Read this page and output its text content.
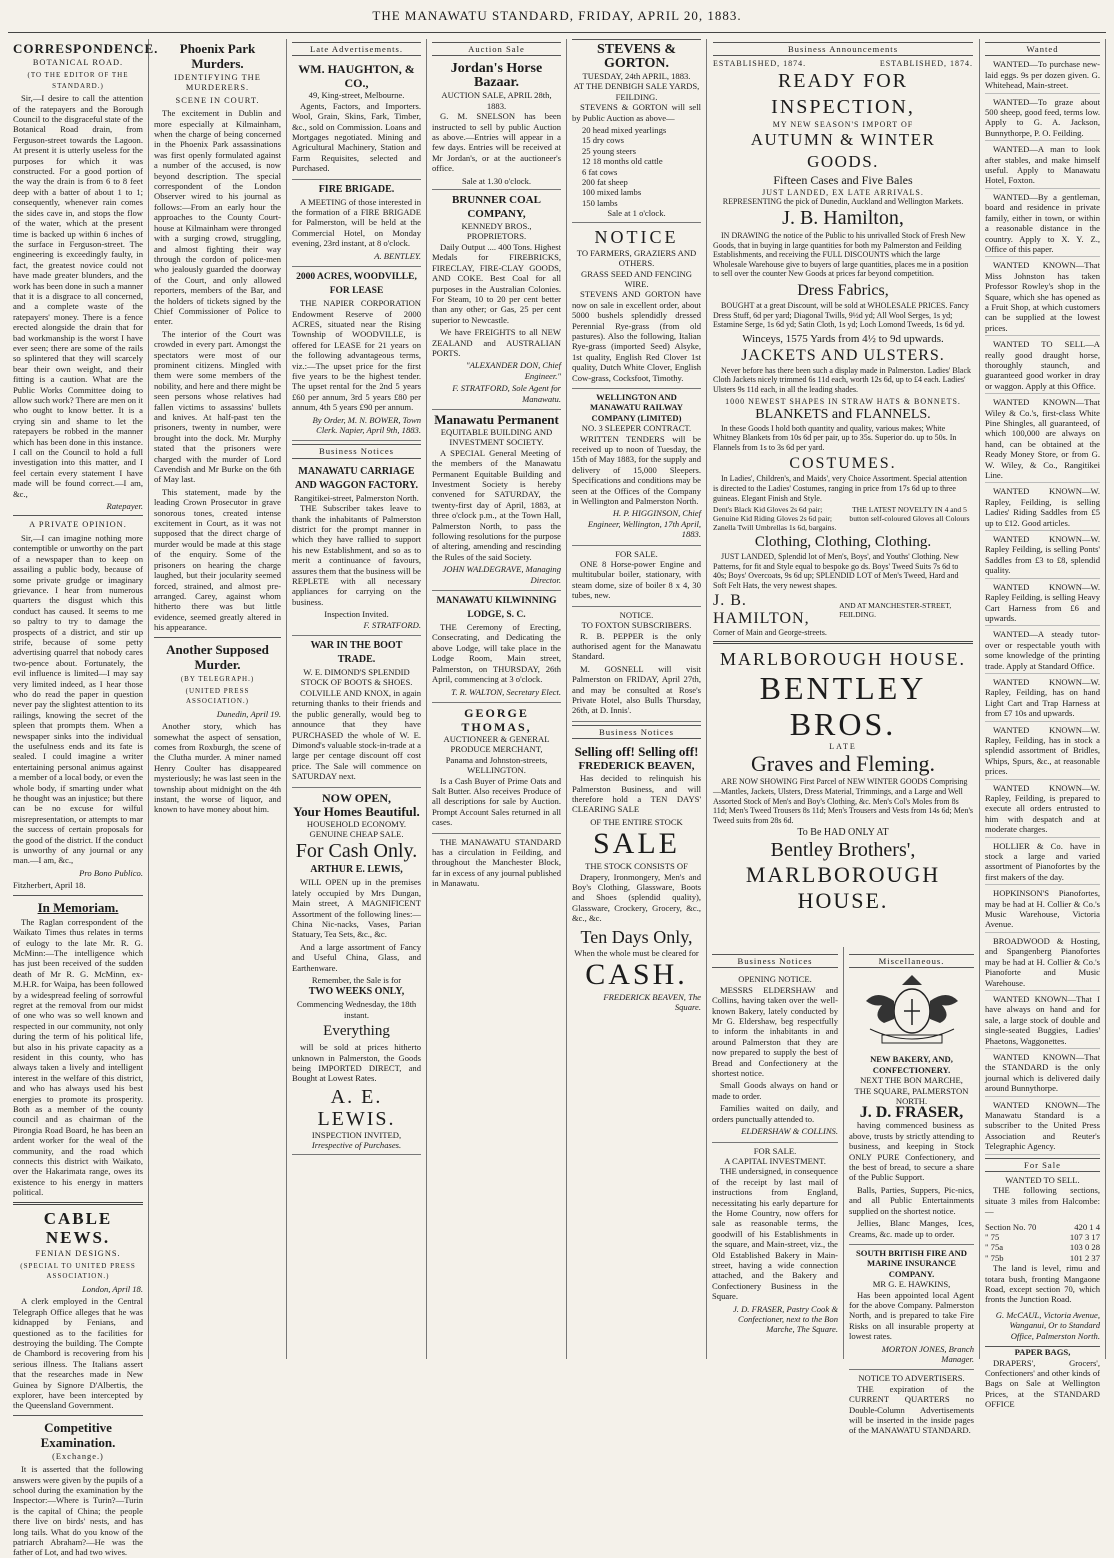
THE MANAWATU STANDARD, FRIDAY, APRIL 20, 1883.
CORRESPONDENCE.
BOTANICAL ROAD.
(TO THE EDITOR OF THE STANDARD.)

Sir,—I desire to call the attention of the ratepayers and the Borough Council to the disgraceful state of the Botanical Road drain, from Ferguson-street towards the Lagoon. At present it is utterly useless for the purposes for which it was constructed. For a good portion of the way the drain is from 6 to 8 feet deep with a batter of about 1 to 1; consequently, whenever rain comes the sides cave in, and stops the flow of the water, which at the present time is backed up within 6 inches of the surface in Ferguson-street. The engineering is exceedingly faulty, in fact, the greatest novice could not have made greater blunders, and the work has been done in such a manner that it is a disgrace to all concerned, and a complete waste of the ratepayers' money. There is a fence erected alongside the drain that for bad workmanship is the worst I have ever seen; there are some of the rails so splintered that they will scarcely bear their own weight, and their fitting is a caution. What are the Public Works Committee doing to allow such work? There are men on it who ought to know better. It is a crying sin and shame to let the ratepayers be robbed in the manner which has been done in this instance. I call on the Council to hold a full investigation into this matter, and I feel certain every statement I have made will be found correct.—I am, &c.,

Ratepayer.

A PRIVATE OPINION.

Sir,—I can imagine nothing more contemptible or unworthy on the part of a newspaper than to keep on assailing a public body, because of some private grudge or imaginary grievance. I hear from numerous quarters the disgust which this conduct has caused. It seems to me so paltry to try to damage the prospects of a district, and stir up strife, because of some petty advertising quarrel that nobody cares two-pence about. Fortunately, the evil influence is limited—I may say very limited indeed, as I hear those who do read the paper in question never pay the slightest attention to its railings, knowing the secret of the spleen that prompts them. When a newspaper sinks into the individual the usefulness ends and its fate is sealed. I could imagine a writer entertaining personal animus against a member of a local body, or even the whole body, if smarting under what he thought was an injustice; but there can be no excuse for wilful misrepresentation, or attempts to mar the success of certain proposals for the good of the district. If the conduct is unworthy of any journal or any man.—I am, &c.,

Pro Bono Publico.

Fitzherbert, April 18.

In Memoriam.

The Raglan correspondent of the Waikato Times thus relates in terms of eulogy to the late Mr. R. G. McMinn:—The intelligence which has just been received of the sudden death of Mr R. G. McMinn, ex-M.H.R. for Waipa, has been followed by a widespread feeling of sorrowful regret at the removal from our midst of one who was so well known and respected in our community, not only during the term of his political life, but also in his private capacity as a resident in this county, who has always taken a lively and intelligent interest in the welfare of this district, and who has always used his best energies to promote its prosperity. Both as a member of the county council and as chairman of the Pirongia Road Board, he has been an ardent worker for the weal of the community, and the road which connects this district with Waikato, over the Hakarimata range, owes its existence to his energy in matters political.

CABLE NEWS.
FENIAN DESIGNS.
(SPECIAL TO UNITED PRESS ASSOCIATION.)

London, April 18.

A clerk employed in the Central Telegraph Office alleges that he was kidnapped by Fenians, and questioned as to the facilities for destroying the building. The Compte de Chambord is recovering from his serious illness. The Italians assert that the researches made in New Guinea by Signore D'Albertis, the explorer, have been intercepted by the Queensland Government.

Competitive Examination.
(Exchange.)

It is asserted that the following answers were given by the pupils of a school during the examination by the Inspector:—Where is Turin?—Turin is the capital of China; the people there live on birds' nests, and has long tails. What do you know of the patriarch Abraham?—He was the father of Lot, and had two wives.

Phoenix Park Murders.
IDENTIFYING THE MURDERERS.
SCENE IN COURT.

The excitement in Dublin and more especially at Kilmainham, when the charge of being concerned in the Phoenix Park assassinations was first openly formulated against a number of the accused, is now beyond description. The special correspondent of the London Observer wired to his journal as follows:—From an early hour the approaches to the County Court-house at Kilmainham were thronged with a surging crowd, struggling, and almost fighting their way through the cordon of police-men who jealously guarded the doorway of the Court, and only allowed reporters, members of the Bar, and the holders of tickets signed by the Chief Commissioner of Police to enter.

The interior of the Court was crowded in every part. Amongst the spectators were most of our prominent citizens. Mingled with them were some members of the nobility, and here and there might be seen persons whose relatives had fallen victims to assassins' bullets and knives. At half-past ten the prisoners, twenty in number, were brought into the dock. Mr. Murphy stated that the prisoners were charged with the murder of Lord Cavendish and Mr Burke on the 6th of May last.

This statement, made by the leading Crown Prosecutor in grave sonorous tones, created intense excitement in Court, as it was not supposed that the direct charge of murder would be made at this stage of the enquiry. Some of the prisoners on hearing the charge laughed, but their jocularity seemed forced, strained, and almost pre-arranged. Carey, against whom hitherto there was but little evidence, seemed greatly altered in his appearance.

Another Supposed Murder.
(BY TELEGRAPH.)
(UNITED PRESS ASSOCIATION.)

Dunedin, April 19.

Another story, which has somewhat the aspect of sensation, comes from Roxburgh, the scene of the Clutha murder. A miner named Henry Coulter has disappeared mysteriously; he was last seen in the township about midnight on the 4th instant, the worse of liquor, and known to have money about him.

Late Advertisements.
WM. HAUGHTON, & CO.,
49, King-street, Melbourne.

Agents, Factors, and Importers. Wool, Grain, Skins, Fark, Timber, &c., sold on Commission. Loans and Mortgages negotiated. Mining and Agricultural Machinery, Station and Farm Requisites, selected and Purchased.

FIRE BRIGADE.

A MEETING of those interested in the formation of a FIRE BRIGADE for Palmerston, will be held at the Commercial Hotel, on Monday evening, 23rd instant, at 8 o'clock.

A. BENTLEY.

2000 ACRES, WOODVILLE, FOR LEASE

THE NAPIER CORPORATION Endowment Reserve of 2000 ACRES, situated near the Rising Township of WOODVILLE, is offered for LEASE for 21 years on the following advantageous terms, viz.:—The upset price for the first five years to be the highest tender. The upset rental for the 2nd 5 years £60 per annum, 3rd 5 years £80 per annum, 4th 5 years £90 per annum.

By Order, M. N. BOWER, Town Clerk. Napier, April 9th, 1883.

Business Notices
MANAWATU CARRIAGE AND WAGGON FACTORY.
Rangitikei-street, Palmerston North.

THE Subscriber takes leave to thank the inhabitants of Palmerston district for the prompt manner in which they have rallied to support his new Establishment, and so as to merit a continuance of favours, assures them that the business will be REPLETE with all necessary appliances for carrying on the business.

Inspection Invited.

F. STRATFORD.

WAR IN THE BOOT TRADE.
W. E. DIMOND'S SPLENDID STOCK OF BOOTS & SHOES.

COLVILLE AND KNOX, in again returning thanks to their friends and the public generally, would beg to announce that they have PURCHASED the whole of W. E. Dimond's valuable stock-in-trade at a large per centage discount off cost price. The Sale will commence on SATURDAY next.

NOW OPEN,
Your Homes Beautiful.
HOUSEHOLD ECONOMY.
GENUINE CHEAP SALE.
For Cash Only.
ARTHUR E. LEWIS,

WILL OPEN up in the premises lately occupied by Mrs Dungan, Main street, A MAGNIFICENT Assortment of the following lines:— China Nic-nacks, Vases, Parian Statuary, Tea Sets, &c., &c.

And a large assortment of Fancy and Useful China, Glass, and Earthenware.

Remember, the Sale is for
TWO WEEKS ONLY,
Commencing Wednesday, the 18th instant.
Everything

will be sold at prices hitherto unknown in Palmerston, the Goods being IMPORTED DIRECT, and Bought at Lowest Rates.

A. E. LEWIS.
INSPECTION INVITED,
Irrespective of Purchases.
Auction Sale
Jordan's Horse Bazaar.
AUCTION SALE, APRIL 28th, 1883.

G. M. SNELSON has been instructed to sell by public Auction as above.—Entries will appear in a few days. Entries will be received at Mr Jordan's, or at the auctioneer's office.

Sale at 1.30 o'clock.
BRUNNER COAL COMPANY,
KENNEDY BROS., PROPRIETORS.

Daily Output .... 400 Tons. Highest Medals for FIREBRICKS, FIRECLAY, FIRE-CLAY GOODS, AND COKE. Best Coal for all purposes in the Australian Colonies. For Steam, 10 to 20 per cent better than any other; or Gas, 25 per cent superior to Newcastle.

We have FREIGHTS to all NEW ZEALAND and AUSTRALIAN PORTS.

"ALEXANDER DON, Chief Engineer."

F. STRATFORD, Sole Agent for Manawatu.

Manawatu Permanent
EQUITABLE BUILDING AND INVESTMENT SOCIETY.

A SPECIAL General Meeting of the members of the Manawatu Permanent Equitable Building and Investment Society is hereby convened for SATURDAY, the twenty-first day of April, 1883, at three o'clock p.m., at the Town Hall, Palmerston North, to pass the following resolutions for the purpose of altering, amending and rescinding the Rules of the said Society.

JOHN WALDEGRAVE, Managing Director.

MANAWATU KILWINNING LODGE, S. C.

THE Ceremony of Erecting, Consecrating, and Dedicating the above Lodge, will take place in the Lodge Room, Main street, Palmerston, on THURSDAY, 26th April, commencing at 3 o'clock.

T. R. WALTON, Secretary Elect.

GEORGE THOMAS,
AUCTIONEER & GENERAL PRODUCE MERCHANT,
Panama and Johnston-streets, WELLINGTON.

Is a Cash Buyer of Prime Oats and Salt Butter. Also receives Produce of all descriptions for sale by Auction. Prompt Account Sales returned in all cases.

THE MANAWATU STANDARD has a circulation in Feilding, and throughout the Manchester Block, far in excess of any journal published in Manawatu.

STEVENS & GORTON.
TUESDAY, 24th APRIL, 1883.
AT THE DENBIGH SALE YARDS, FEILDING.

STEVENS & GORTON will sell by Public Auction as above—

20 head mixed yearlings
15 dry cows
25 young steers
12 18 months old cattle
6 fat cows
200 fat sheep
100 mixed lambs
150 lambs
Sale at 1 o'clock.
NOTICE
TO FARMERS, GRAZIERS AND OTHERS.
GRASS SEED AND FENCING WIRE.

STEVENS AND GORTON have now on sale in excellent order, about 5000 bushels splendidly dressed Perennial Rye-grass (from old pastures). Also the following, Italian Rye-grass (imported Seed) Alsyke, 1st quality, English Red Clover 1st quality, Dutch White Clover, English Cow-grass, Cocksfoot, Timothy.

WELLINGTON AND MANAWATU RAILWAY COMPANY (LIMITED)
NO. 3 SLEEPER CONTRACT.

WRITTEN TENDERS will be received up to noon of Tuesday, the 15th of May 1883, for the supply and delivery of 15,000 Sleepers. Specifications and conditions may be seen at the Offices of the Company in Wellington and Palmerston North.

H. P. HIGGINSON, Chief Engineer, Wellington, 17th April, 1883.

FOR SALE.

ONE 8 Horse-power Engine and multitubular boiler, stationary, with steam dome, size of boiler 8 x 4, 30 tubes, new.

NOTICE.
TO FOXTON SUBSCRIBERS.

R. B. PEPPER is the only authorised agent for the Manawatu Standard.

M. GOSNELL will visit Palmerston on FRIDAY, April 27th, and may be consulted at Rose's Private Hotel, also Bulls Thursday, 26th, at D. Innis'.

Business Notices
Selling off! Selling off!
FREDERICK BEAVEN,

Has decided to relinquish his Palmerston Business, and will therefore hold a TEN DAYS' CLEARING SALE

OF THE ENTIRE STOCK
SALE
THE STOCK CONSISTS OF

Drapery, Ironmongery, Men's and Boy's Clothing, Glassware, Boots and Shoes (splendid quality), Glassware, Crockery, Grocery, &c., &c., &c.

Ten Days Only,
When the whole must be cleared for
CASH.

FREDERICK BEAVEN, The Square.

Business Notices
OPENING NOTICE.

MESSRS ELDERSHAW and Collins, having taken over the well-known Bakery, lately conducted by Mr G. Eldershaw, beg respectfully to inform the inhabitants in and around Palmerston that they are now prepared to supply the best of Bread and Confectionery at the shortest notice.

Small Goods always on hand or made to order.

Families waited on daily, and orders punctually attended to.

ELDERSHAW & COLLINS.

FOR SALE.
A CAPITAL INVESTMENT.

THE undersigned, in consequence of the receipt by last mail of instructions from England, necessitating his early departure for the Home Country, now offers for sale as reasonable terms, the goodwill of his Establishments in the square, and Main-street, viz., the Old Established Bakery in Main-street, having a wide connection attached, and the Bakery and Confectionery Business in the Square.

J. D. FRASER, Pastry Cook & Confectioner, next to the Bon Marche, The Square.

Miscellaneous.
NEW BAKERY, AND, CONFECTIONERY.
NEXT THE BON MARCHE,
THE SQUARE, PALMERSTON NORTH.
J. D. FRASER,

having commenced business as above, trusts by strictly attending to business, and keeping in Stock ONLY PURE Confectionery, and the best of bread, to secure a share of the Public Support.

Balls, Parties, Suppers, Pic-nics, and all Public Entertainments supplied on the shortest notice.

Jellies, Blanc Manges, Ices, Creams, &c. made up to order.

SOUTH BRITISH FIRE AND MARINE INSURANCE COMPANY.
MR G. E. HAWKINS,

Has been appointed local Agent for the above Company. Palmerston North, and is prepared to take Fire Risks on all insurable property at lowest rates.

MORTON JONES, Branch Manager.

NOTICE TO ADVERTISERS.

THE expiration of the CURRENT QUARTERS no Double-Column Advertisements will be inserted in the inside pages of the MANAWATU STANDARD.

Wanted

WANTED—To purchase new-laid eggs. 9s per dozen given. G. Whitehead, Main-street.

WANTED—To graze about 500 sheep, good feed, terms low. Apply to G. A. Jackson, Bunnythorpe, P. O. Feilding.

WANTED—A man to look after stables, and make himself useful. Apply to Manawatu Hotel, Foxton.

WANTED—By a gentleman, board and residence in private family, either in town, or within a reasonable distance in the country. Apply to X. Y. Z., Office of this paper.

WANTED KNOWN—That Miss Johnston has taken Professor Rowley's shop in the Square, which she has opened as a Fruit Shop, at which customers can be supplied at the lowest prices.

WANTED TO SELL—A really good draught horse, thoroughly staunch, and guaranteed good worker in dray or waggon. Apply at this Office.

WANTED KNOWN—That Wiley & Co.'s, first-class White Pine Shingles, all guaranteed, of which 100,000 are always on hand, can be obtained at the Ready Money Store, or from G. W. Wiley, & Co., Rangitikei Line.

WANTED KNOWN—W. Rapley, Feilding, is selling Ladies' Riding Saddles from £5 up to £12. Good articles.

WANTED KNOWN—W. Rapley Feilding, is selling Ponts' Saddles from £3 to £8, splendid quality.

WANTED KNOWN—W. Rapley Feilding, is selling Heavy Cart Harness from £6 and upwards.

WANTED—A steady tutor-over or respectable youth with some knowledge of the printing trade. Apply at Standard Office.

WANTED KNOWN—W. Rapley, Feilding, has on hand Light Cart and Trap Harness at from £7 10s and upwards.

WANTED KNOWN—W. Rapley, Feilding, has in stock a splendid assortment of Bridles, Whips, Spurs, &c., at reasonable prices.

WANTED KNOWN—W. Rapley, Feilding, is prepared to execute all orders entrusted to him with despatch and at moderate charges.

HOLLIER & Co. have in stock a large and varied assortment of Pianofortes by the first makers of the day.

HOPKINSON'S Pianofortes, may be had at H. Collier & Co.'s Music Warehouse, Victoria Avenue.

BROADWOOD & Hosting, and Spangenberg Pianofortes may be had at H. Collier & Co.'s Pianoforte and Music Warehouse.

WANTED KNOWN—That I have always on hand and for sale, a large stock of double and single-seated Buggies, Ladies' Phaetons, Waggonettes.

WANTED KNOWN—That the STANDARD is the only journal which is delivered daily around Bunnythorpe.

WANTED KNOWN—The Manawatu Standard is a subscriber to the United Press Association and Reuter's Telegraphic Agency.

For Sale
WANTED TO SELL.

THE following sections, situate 3 miles from Halcombe:—

Section No. 70	420 1 4
" 75	107 3 17
" 75a	103 0 28
" 75b	101 2 37

The land is level, rimu and totara bush, fronting Mangaone Road, except section 70, which fronts the Junction Road.

G. McCAUL, Victoria Avenue, Wanganui, Or to Standard Office, Palmerston North.

PAPER BAGS,

DRAPERS', Grocers', Confectioners' and other kinds of Bags on Sale at Wellington Prices, at the STANDARD OFFICE

Business Announcements
ESTABLISHED, 1874.	ESTABLISHED, 1874.
READY FOR INSPECTION,
MY NEW SEASON'S IMPORT OF
AUTUMN & WINTER GOODS.
Fifteen Cases and Five Bales
JUST LANDED, EX LATE ARRIVALS.
REPRESENTING the pick of Dunedin, Auckland and Wellington Markets.
J. B. Hamilton,

IN DRAWING the notice of the Public to his unrivalled Stock of Fresh New Goods, that in buying in large quantities for both my Palmerston and Feilding Establishments, and receiving the FULL DISCOUNTS which the large Wholesale Warehouse give to buyers of large quantities, places me in a position to sell over the counter New Goods at prices far beyond competition.

Dress Fabrics,

BOUGHT at a great Discount, will be sold at WHOLESALE PRICES. Fancy Dress Stuff, 6d per yard; Diagonal Twills, 9½d yd; All Wool Serges, 1s yd; Estamine Serge, 1s 6d yd; Satin Cloth, 1s yd; Loch Lomond Tweeds, 1s 6d yd.

Winceys, 1575 Yards from 4½ to 9d upwards.
JACKETS AND ULSTERS.

Never before has there been such a display made in Palmerston. Ladies' Black Cloth Jackets nicely trimmed 6s 11d each, worth 12s 6d, up to £4 each. Ladies' Ulsters 9s 11d each, in all the leading shades.

1000 NEWEST SHAPES IN STRAW HATS & BONNETS.
BLANKETS and FLANNELS.

In these Goods I hold both quantity and quality, various makes; White Whitney Blankets from 10s 6d per pair, up to 35s. Superior do. up to 50s. In Flannels from 1s to 3s 6d per yard.

COSTUMES.

In Ladies', Children's, and Maids', very Choice Assortment. Special attention is directed to the Ladies' Costumes, ranging in price from 17s 6d up to three guineas. Elegant Finish and Style.

Dent's Black Kid Gloves 2s 6d pair; Genuine Kid Riding Gloves 2s 6d pair; Zanella Twill Umbrellas 1s 6d, bargains.
THE LATEST NOVELTY IN 4 and 5 button self-coloured Gloves all Colours
Clothing, Clothing, Clothing.

JUST LANDED, Splendid lot of Men's, Boys', and Youths' Clothing. New Patterns, for fit and Style equal to bespoke go ds. Boys' Tweed Suits 7s 6d to 40s; Boys' Overcoats, 9s 6d up; SPLENDID LOT of Men's Tweed, Hard and Soft Felt Hats, the very newest shapes.

J. B. HAMILTON,
AND AT MANCHESTER-STREET, FEILDING.
Corner of Main and George-streets.
MARLBOROUGH HOUSE.
BENTLEY BROS.
LATE
Graves and Fleming.

ARE NOW SHOWING First Parcel of NEW WINTER GOODS Comprising—Mantles, Jackets, Ulsters, Dress Material, Trimmings, and a Large and Well Assorted Stock of Men's and Boy's Clothing, &c. Men's Col's Moles from 8s 11d; Men's Tweed Trousers 8s 11d; Men's Trousers and Vests from 14s 6d; Men's Tweed suits from 28s 6d.

To Be HAD ONLY AT
Bentley Brothers',
MARLBOROUGH HOUSE.
